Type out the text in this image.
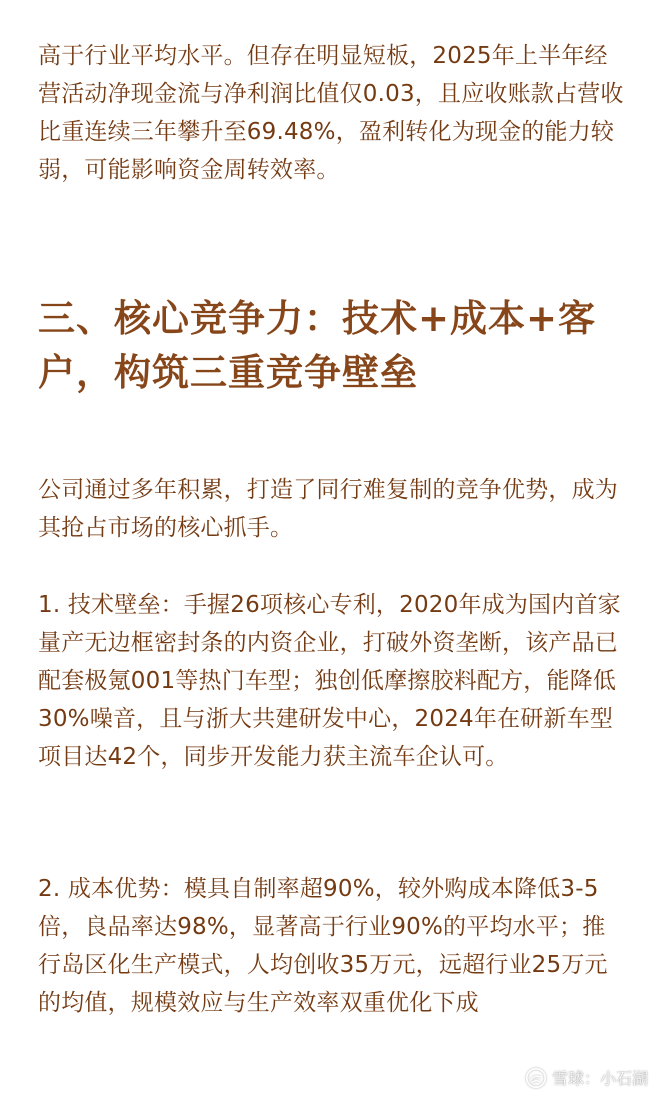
高于行业平均水平。但存在明显短板，2025年上半年经营活动净现金流与净利润比值仅0.03，且应收账款占营收比重连续三年攀升至69.48%，盈利转化为现金的能力较弱，可能影响资金周转效率。

三、核心竞争力：技术+成本+客户，构筑三重竞争壁垒

公司通过多年积累，打造了同行难复制的竞争优势，成为其抢占市场的核心抓手。

1. 技术壁垒：手握26项核心专利，2020年成为国内首家量产无边框密封条的内资企业，打破外资垄断，该产品已配套极氪001等热门车型；独创低摩擦胶料配方，能降低30%噪音，且与浙大共建研发中心，2024年在研新车型项目达42个，同步开发能力获主流车企认可。

2. 成本优势：模具自制率超90%，较外购成本降低3-5倍，良品率达98%，显著高于行业90%的平均水平；推行岛区化生产模式，人均创收35万元，远超行业25万元的均值，规模效应与生产效率双重优化下成

雪球：小石湖
